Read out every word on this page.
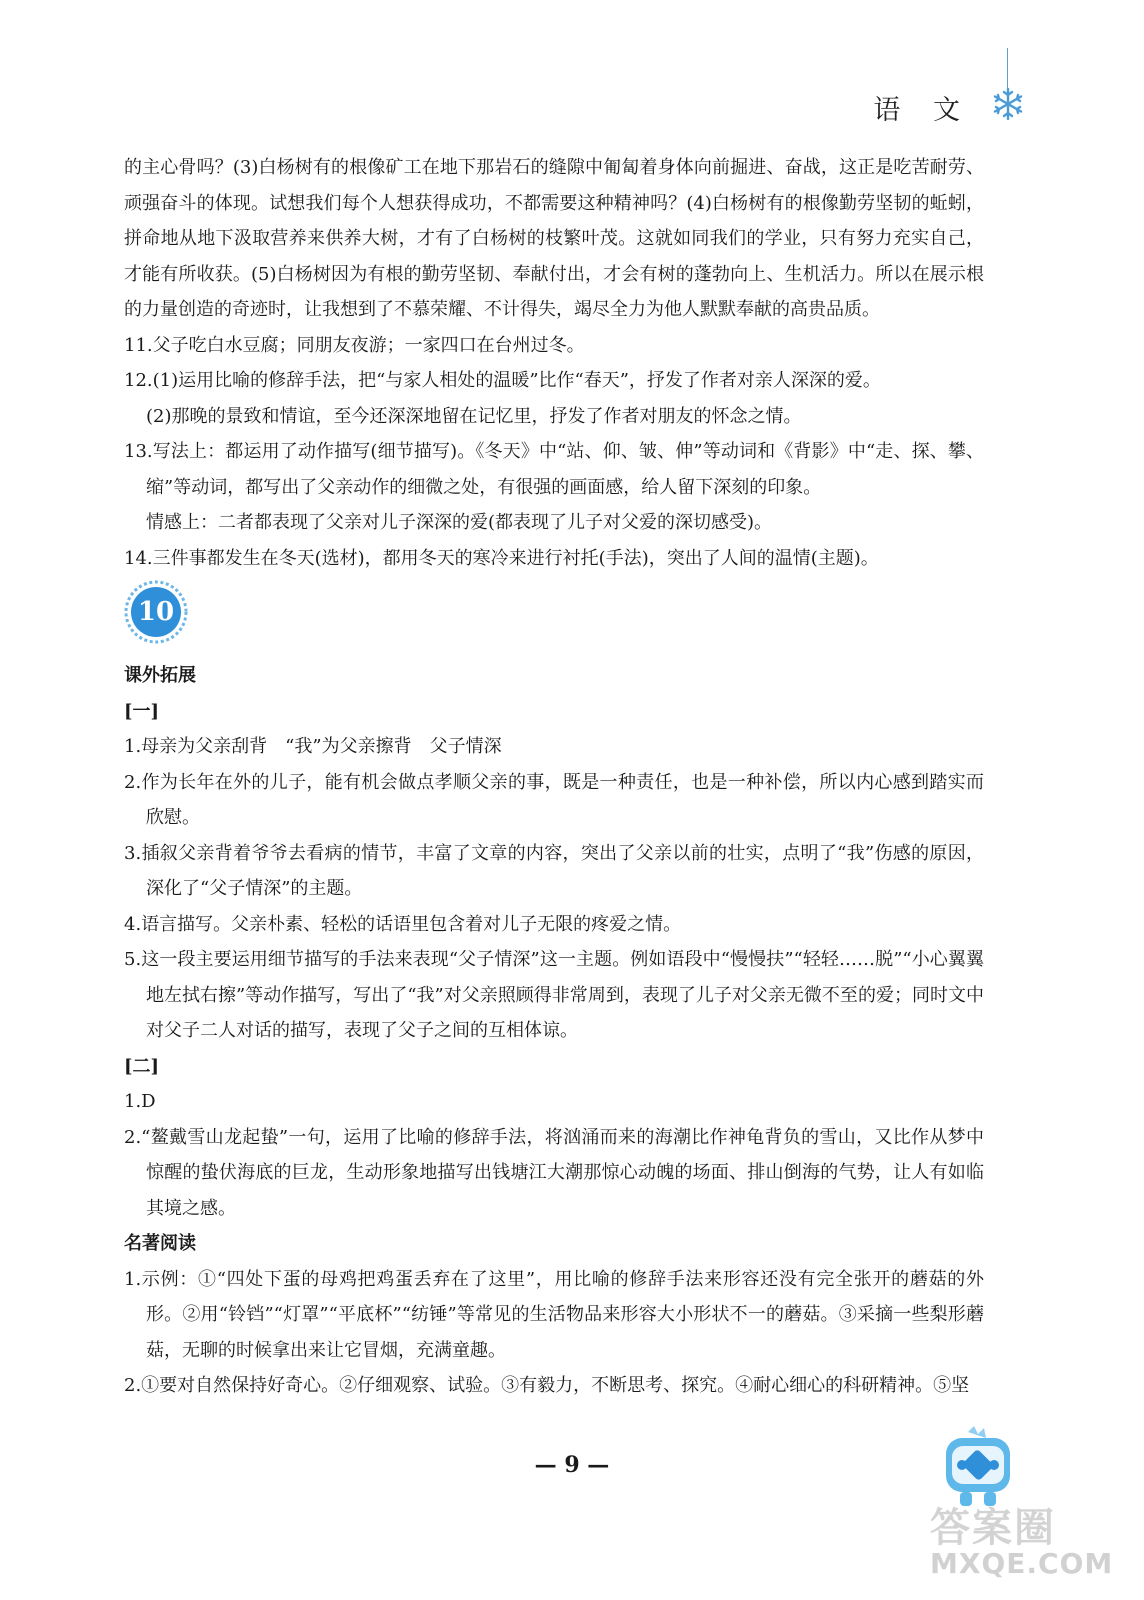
语 文

的主心骨吗？(3)白杨树有的根像矿工在地下那岩石的缝隙中匍匐着身体向前掘进、奋战，这正是吃苦耐劳、顽强奋斗的体现。试想我们每个人想获得成功，不都需要这种精神吗？(4)白杨树有的根像勤劳坚韧的蚯蚓，拼命地从地下汲取营养来供养大树，才有了白杨树的枝繁叶茂。这就如同我们的学业，只有努力充实自己，才能有所收获。(5)白杨树因为有根的勤劳坚韧、奉献付出，才会有树的蓬勃向上、生机活力。所以在展示根的力量创造的奇迹时，让我想到了不慕荣耀、不计得失，竭尽全力为他人默默奉献的高贵品质。

11.父子吃白水豆腐；同朋友夜游；一家四口在台州过冬。

12.(1)运用比喻的修辞手法，把“与家人相处的温暖”比作“春天”，抒发了作者对亲人深深的爱。

(2)那晚的景致和情谊，至今还深深地留在记忆里，抒发了作者对朋友的怀念之情。

13.写法上：都运用了动作描写(细节描写)。《冬天》中“站、仰、皱、伸”等动词和《背影》中“走、探、攀、缩”等动词，都写出了父亲动作的细微之处，有很强的画面感，给人留下深刻的印象。

情感上：二者都表现了父亲对儿子深深的爱(都表现了儿子对父爱的深切感受)。

14.三件事都发生在冬天(选材)，都用冬天的寒冷来进行衬托(手法)，突出了人间的温情(主题)。

10

课外拓展

[一]

1.母亲为父亲刮背　“我”为父亲擦背　父子情深

2.作为长年在外的儿子，能有机会做点孝顺父亲的事，既是一种责任，也是一种补偿，所以内心感到踏实而欣慰。

3.插叙父亲背着爷爷去看病的情节，丰富了文章的内容，突出了父亲以前的壮实，点明了“我”伤感的原因，深化了“父子情深”的主题。

4.语言描写。父亲朴素、轻松的话语里包含着对儿子无限的疼爱之情。

5.这一段主要运用细节描写的手法来表现“父子情深”这一主题。例如语段中“慢慢扶”“轻轻……脱”“小心翼翼地左拭右擦”等动作描写，写出了“我”对父亲照顾得非常周到，表现了儿子对父亲无微不至的爱；同时文中对父子二人对话的描写，表现了父子之间的互相体谅。

[二]

1.D

2.“鳌戴雪山龙起蛰”一句，运用了比喻的修辞手法，将汹涌而来的海潮比作神龟背负的雪山，又比作从梦中惊醒的蛰伏海底的巨龙，生动形象地描写出钱塘江大潮那惊心动魄的场面、排山倒海的气势，让人有如临其境之感。

名著阅读

1.示例：①“四处下蛋的母鸡把鸡蛋丢弃在了这里”，用比喻的修辞手法来形容还没有完全张开的蘑菇的外形。②用“铃铛”“灯罩”“平底杯”“纺锤”等常见的生活物品来形容大小形状不一的蘑菇。③采摘一些梨形蘑菇，无聊的时候拿出来让它冒烟，充满童趣。

2.①要对自然保持好奇心。②仔细观察、试验。③有毅力，不断思考、探究。④耐心细心的科研精神。⑤坚

— 9 —
答案圈
MXQE.COM
